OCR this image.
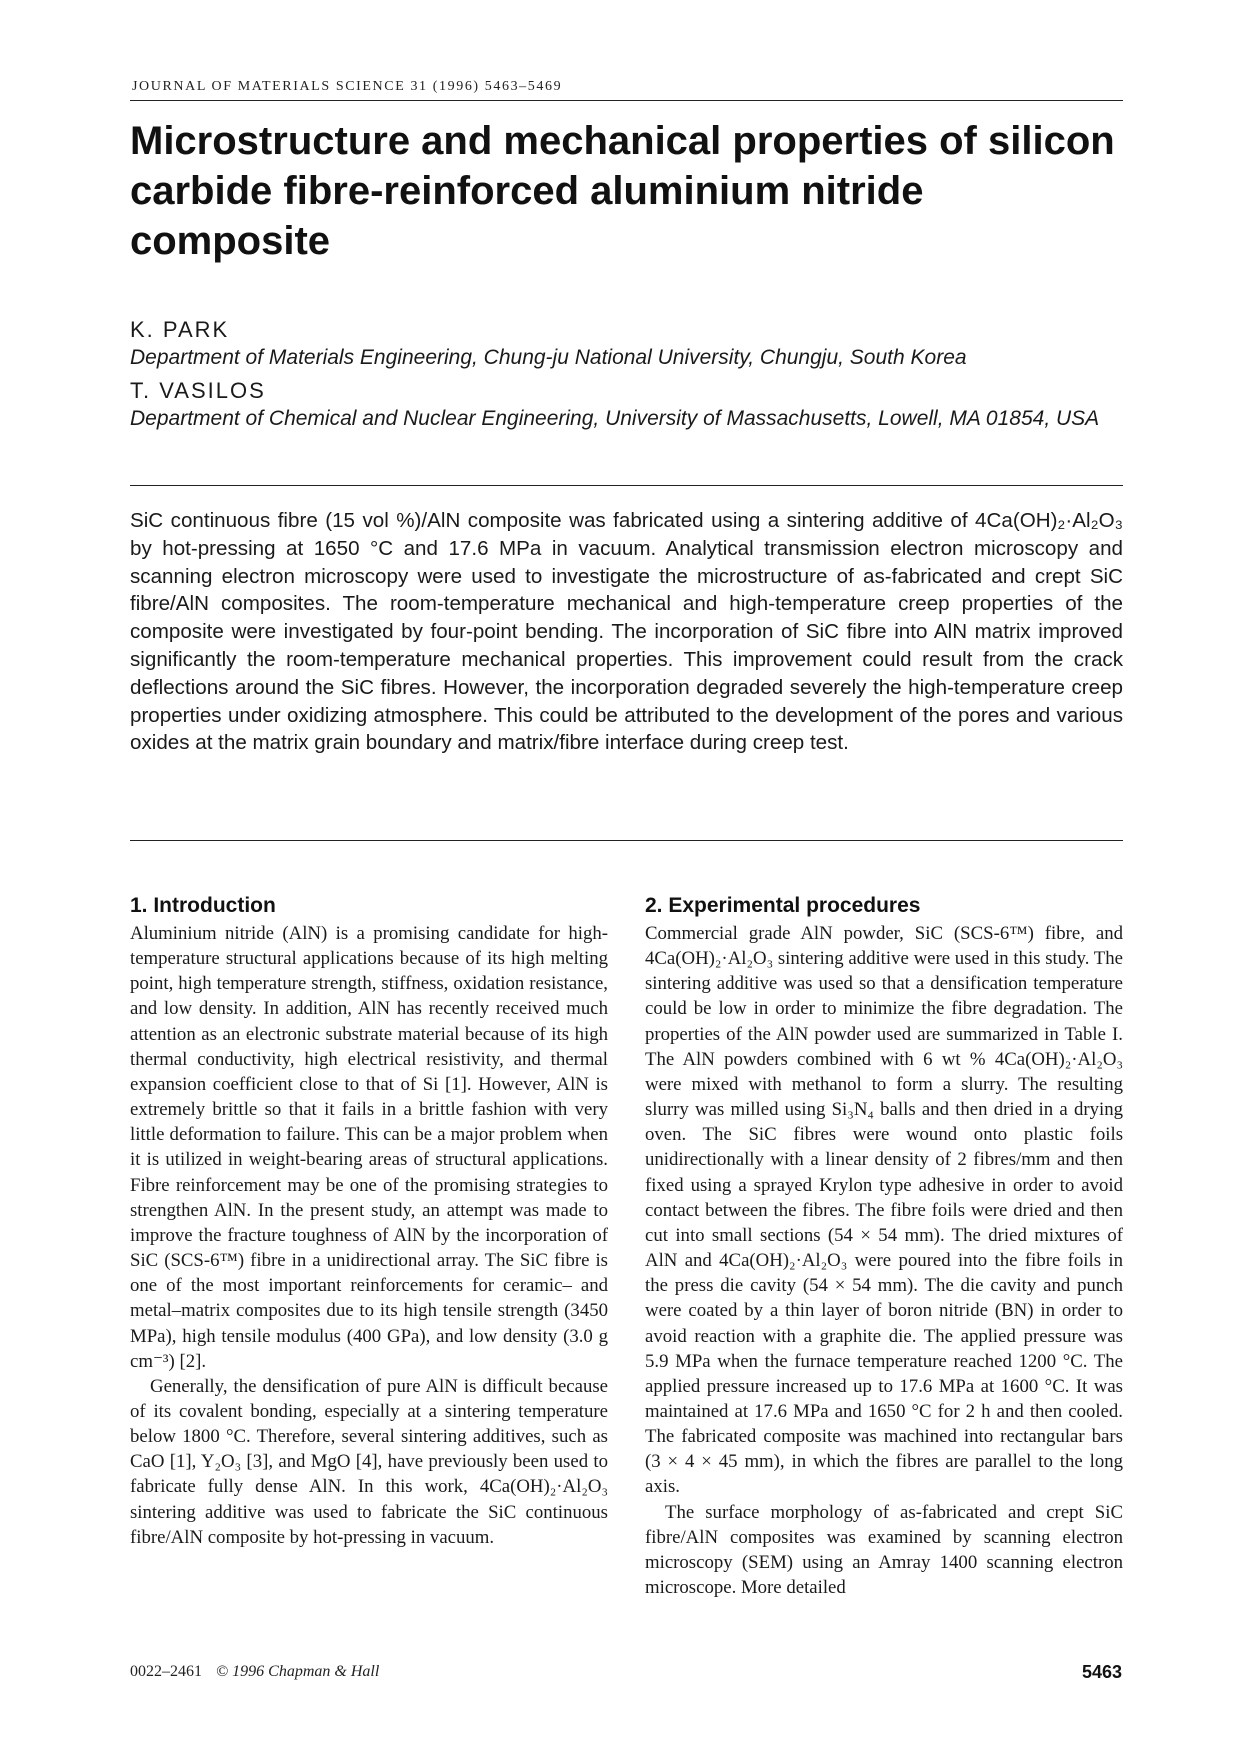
JOURNAL OF MATERIALS SCIENCE 31 (1996) 5463–5469
Microstructure and mechanical properties of silicon carbide fibre-reinforced aluminium nitride composite
K. PARK
Department of Materials Engineering, Chung-ju National University, Chungju, South Korea
T. VASILOS
Department of Chemical and Nuclear Engineering, University of Massachusetts, Lowell, MA 01854, USA
SiC continuous fibre (15 vol %)/AlN composite was fabricated using a sintering additive of 4Ca(OH)₂·Al₂O₃ by hot-pressing at 1650 °C and 17.6 MPa in vacuum. Analytical transmission electron microscopy and scanning electron microscopy were used to investigate the microstructure of as-fabricated and crept SiC fibre/AlN composites. The room-temperature mechanical and high-temperature creep properties of the composite were investigated by four-point bending. The incorporation of SiC fibre into AlN matrix improved significantly the room-temperature mechanical properties. This improvement could result from the crack deflections around the SiC fibres. However, the incorporation degraded severely the high-temperature creep properties under oxidizing atmosphere. This could be attributed to the development of the pores and various oxides at the matrix grain boundary and matrix/fibre interface during creep test.
1. Introduction

Aluminium nitride (AlN) is a promising candidate for high-temperature structural applications because of its high melting point, high temperature strength, stiffness, oxidation resistance, and low density. In addition, AlN has recently received much attention as an electronic substrate material because of its high thermal conductivity, high electrical resistivity, and thermal expansion coefficient close to that of Si [1]. However, AlN is extremely brittle so that it fails in a brittle fashion with very little deformation to failure. This can be a major problem when it is utilized in weight-bearing areas of structural applications. Fibre reinforcement may be one of the promising strategies to strengthen AlN. In the present study, an attempt was made to improve the fracture toughness of AlN by the incorporation of SiC (SCS-6™) fibre in a unidirectional array. The SiC fibre is one of the most important reinforcements for ceramic– and metal–matrix composites due to its high tensile strength (3450 MPa), high tensile modulus (400 GPa), and low density (3.0 g cm⁻³) [2].

Generally, the densification of pure AlN is difficult because of its covalent bonding, especially at a sintering temperature below 1800 °C. Therefore, several sintering additives, such as CaO [1], Y₂O₃ [3], and MgO [4], have previously been used to fabricate fully dense AlN. In this work, 4Ca(OH)₂·Al₂O₃ sintering additive was used to fabricate the SiC continuous fibre/AlN composite by hot-pressing in vacuum.

2. Experimental procedures

Commercial grade AlN powder, SiC (SCS-6™) fibre, and 4Ca(OH)₂·Al₂O₃ sintering additive were used in this study. The sintering additive was used so that a densification temperature could be low in order to minimize the fibre degradation. The properties of the AlN powder used are summarized in Table I. The AlN powders combined with 6 wt % 4Ca(OH)₂·Al₂O₃ were mixed with methanol to form a slurry. The resulting slurry was milled using Si₃N₄ balls and then dried in a drying oven. The SiC fibres were wound onto plastic foils unidirectionally with a linear density of 2 fibres/mm and then fixed using a sprayed Krylon type adhesive in order to avoid contact between the fibres. The fibre foils were dried and then cut into small sections (54 × 54 mm). The dried mixtures of AlN and 4Ca(OH)₂·Al₂O₃ were poured into the fibre foils in the press die cavity (54 × 54 mm). The die cavity and punch were coated by a thin layer of boron nitride (BN) in order to avoid reaction with a graphite die. The applied pressure was 5.9 MPa when the furnace temperature reached 1200 °C. The applied pressure increased up to 17.6 MPa at 1600 °C. It was maintained at 17.6 MPa and 1650 °C for 2 h and then cooled. The fabricated composite was machined into rectangular bars (3 × 4 × 45 mm), in which the fibres are parallel to the long axis.

The surface morphology of as-fabricated and crept SiC fibre/AlN composites was examined by scanning electron microscopy (SEM) using an Amray 1400 scanning electron microscope. More detailed

0022–2461 © 1996 Chapman & Hall	5463
